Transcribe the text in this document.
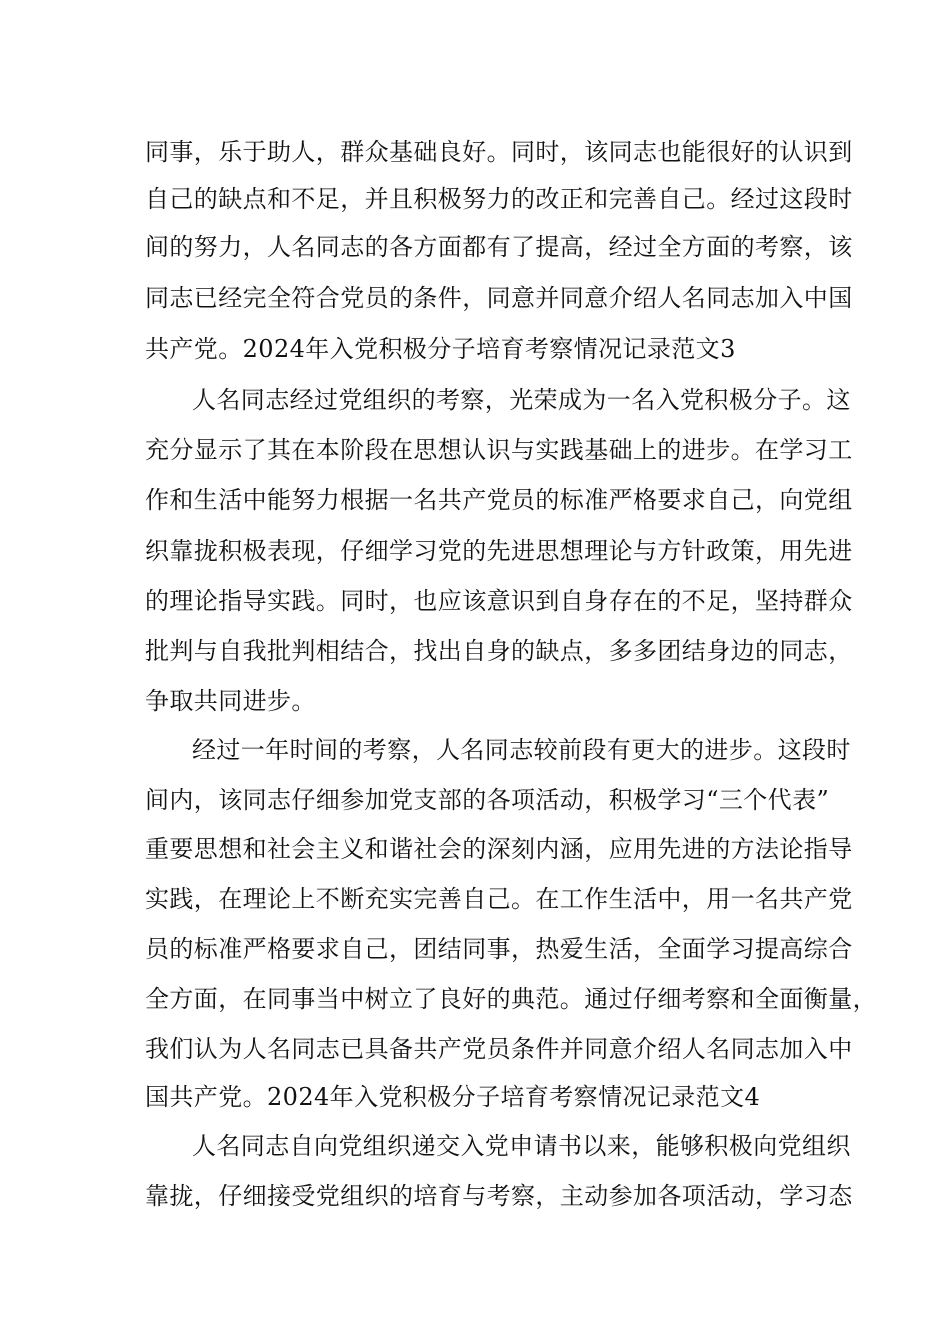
同事，乐于助人，群众基础良好。同时，该同志也能很好的认识到
自己的缺点和不足，并且积极努力的改正和完善自己。经过这段时
间的努力，人名同志的各方面都有了提高，经过全方面的考察，该
同志已经完全符合党员的条件，同意并同意介绍人名同志加入中国
共产党。2024年入党积极分子培育考察情况记录范文3
人名同志经过党组织的考察，光荣成为一名入党积极分子。这
充分显示了其在本阶段在思想认识与实践基础上的进步。在学习工
作和生活中能努力根据一名共产党员的标准严格要求自己，向党组
织靠拢积极表现，仔细学习党的先进思想理论与方针政策，用先进
的理论指导实践。同时，也应该意识到自身存在的不足，坚持群众
批判与自我批判相结合，找出自身的缺点，多多团结身边的同志，
争取共同进步。
经过一年时间的考察，人名同志较前段有更大的进步。这段时
间内，该同志仔细参加党支部的各项活动，积极学习“三个代表”
重要思想和社会主义和谐社会的深刻内涵，应用先进的方法论指导
实践，在理论上不断充实完善自己。在工作生活中，用一名共产党
员的标准严格要求自己，团结同事，热爱生活，全面学习提高综合
全方面，在同事当中树立了良好的典范。通过仔细考察和全面衡量，
我们认为人名同志已具备共产党员条件并同意介绍人名同志加入中
国共产党。2024年入党积极分子培育考察情况记录范文4
人名同志自向党组织递交入党申请书以来，能够积极向党组织
靠拢，仔细接受党组织的培育与考察，主动参加各项活动，学习态
